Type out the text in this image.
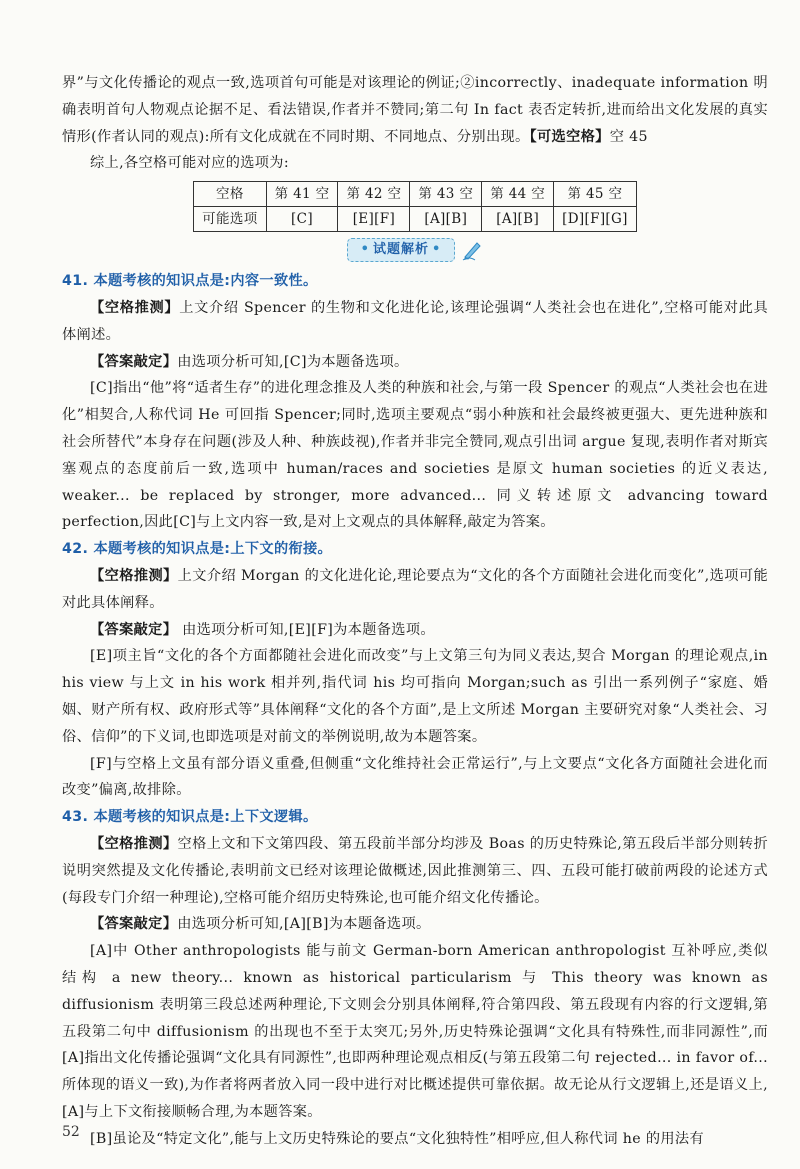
界”与文化传播论的观点一致,选项首句可能是对该理论的例证;②incorrectly、inadequate information 明确表明首句人物观点论据不足、看法错误,作者并不赞同;第二句 In fact 表否定转折,进而给出文化发展的真实情形(作者认同的观点):所有文化成就在不同时期、不同地点、分别出现。【可选空格】空 45

综上,各空格可能对应的选项为:

空格	第 41 空	第 42 空	第 43 空	第 44 空	第 45 空
可能选项	[C]	[E][F]	[A][B]	[A][B]	[D][F][G]
• 试题解析 •

41. 本题考核的知识点是:内容一致性。

【空格推测】上文介绍 Spencer 的生物和文化进化论,该理论强调“人类社会也在进化”,空格可能对此具体阐述。

【答案敲定】由选项分析可知,[C]为本题备选项。

[C]指出“他”将“适者生存”的进化理念推及人类的种族和社会,与第一段 Spencer 的观点“人类社会也在进化”相契合,人称代词 He 可回指 Spencer;同时,选项主要观点“弱小种族和社会最终被更强大、更先进种族和社会所替代”本身存在问题(涉及人种、种族歧视),作者并非完全赞同,观点引出词 argue 复现,表明作者对斯宾塞观点的态度前后一致,选项中 human/races and societies 是原文 human societies 的近义表达, weaker... be replaced by stronger, more advanced... 同义转述原文 advancing toward perfection,因此[C]与上文内容一致,是对上文观点的具体解释,敲定为答案。

42. 本题考核的知识点是:上下文的衔接。

【空格推测】上文介绍 Morgan 的文化进化论,理论要点为“文化的各个方面随社会进化而变化”,选项可能对此具体阐释。

【答案敲定】 由选项分析可知,[E][F]为本题备选项。

[E]项主旨“文化的各个方面都随社会进化而改变”与上文第三句为同义表达,契合 Morgan 的理论观点,in his view 与上文 in his work 相并列,指代词 his 均可指向 Morgan;such as 引出一系列例子“家庭、婚姻、财产所有权、政府形式等”具体阐释“文化的各个方面”,是上文所述 Morgan 主要研究对象“人类社会、习俗、信仰”的下义词,也即选项是对前文的举例说明,故为本题答案。

[F]与空格上文虽有部分语义重叠,但侧重“文化维持社会正常运行”,与上文要点“文化各方面随社会进化而改变”偏离,故排除。

43. 本题考核的知识点是:上下文逻辑。

【空格推测】空格上文和下文第四段、第五段前半部分均涉及 Boas 的历史特殊论,第五段后半部分则转折说明突然提及文化传播论,表明前文已经对该理论做概述,因此推测第三、四、五段可能打破前两段的论述方式(每段专门介绍一种理论),空格可能介绍历史特殊论,也可能介绍文化传播论。

【答案敲定】由选项分析可知,[A][B]为本题备选项。

[A]中 Other anthropologists 能与前文 German-born American anthropologist 互补呼应,类似结构 a new theory... known as historical particularism 与 This theory was known as diffusionism 表明第三段总述两种理论,下文则会分别具体阐释,符合第四段、第五段现有内容的行文逻辑,第五段第二句中 diffusionism 的出现也不至于太突兀;另外,历史特殊论强调“文化具有特殊性,而非同源性”,而[A]指出文化传播论强调“文化具有同源性”,也即两种理论观点相反(与第五段第二句 rejected... in favor of... 所体现的语义一致),为作者将两者放入同一段中进行对比概述提供可靠依据。故无论从行文逻辑上,还是语义上,[A]与上下文衔接顺畅合理,为本题答案。

[B]虽论及“特定文化”,能与上文历史特殊论的要点“文化独特性”相呼应,但人称代词 he 的用法有

52
